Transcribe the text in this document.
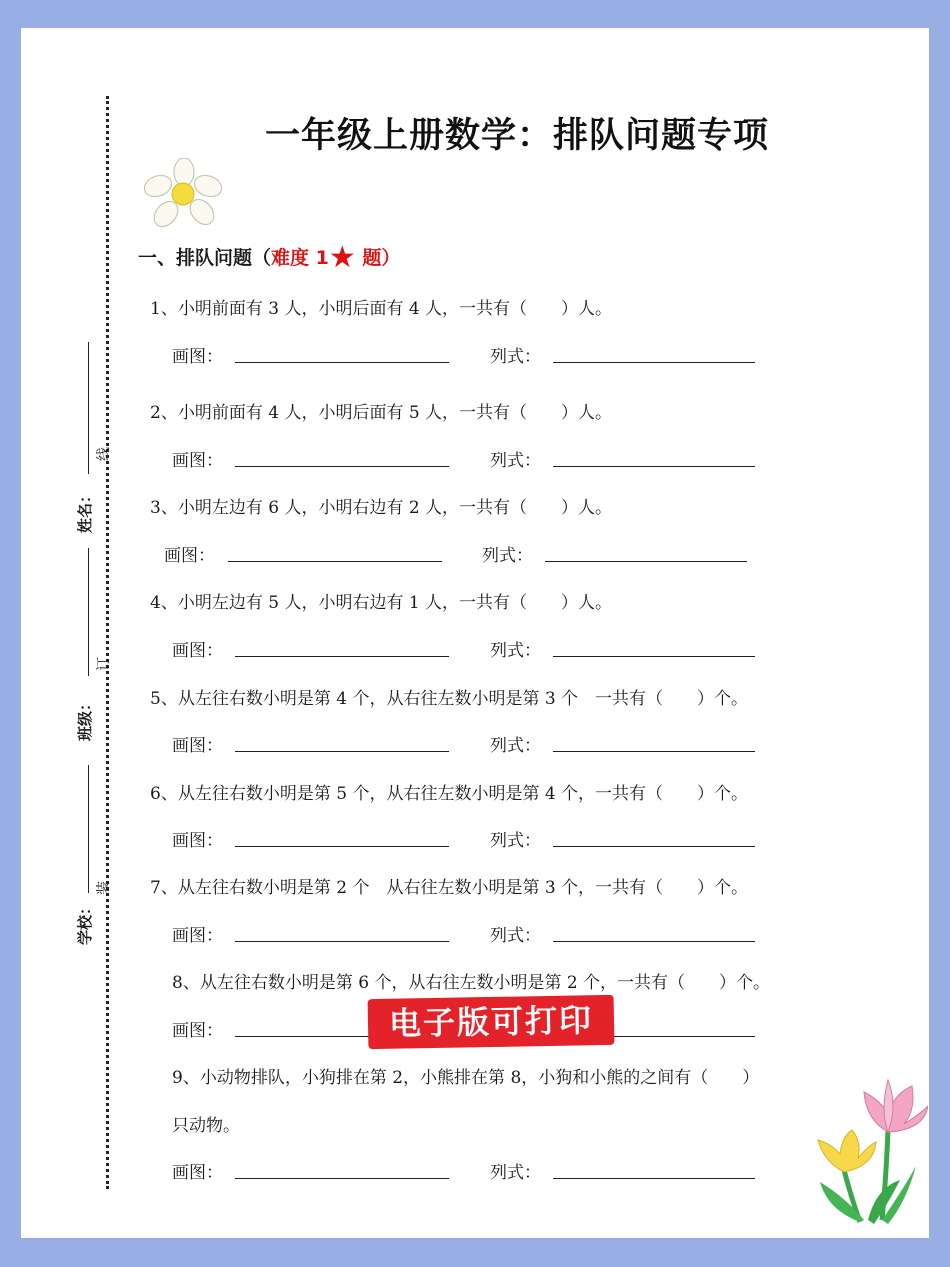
一年级上册数学：排队问题专项
姓名：
班级：
学校：
线
订
装
一、排队问题（难度 1★ 题）
1、小明前面有 3 人，小明后面有 4 人，一共有（　　）人。
画图：	列式：
2、小明前面有 4 人，小明后面有 5 人，一共有（　　）人。
画图：	列式：
3、小明左边有 6 人，小明右边有 2 人，一共有（　　）人。
画图：	列式：
4、小明左边有 5 人，小明右边有 1 人，一共有（　　）人。
画图：	列式：
5、从左往右数小明是第 4 个，从右往左数小明是第 3 个　一共有（　　）个。
画图：	列式：
6、从左往右数小明是第 5 个，从右往左数小明是第 4 个，一共有（　　）个。
画图：	列式：
7、从左往右数小明是第 2 个　从右往左数小明是第 3 个，一共有（　　）个。
画图：	列式：
8、从左往右数小明是第 6 个，从右往左数小明是第 2 个，一共有（　　）个。
画图：	电子版可打印
9、小动物排队，小狗排在第 2，小熊排在第 8，小狗和小熊的之间有（　　）
只动物。
画图：	列式：
